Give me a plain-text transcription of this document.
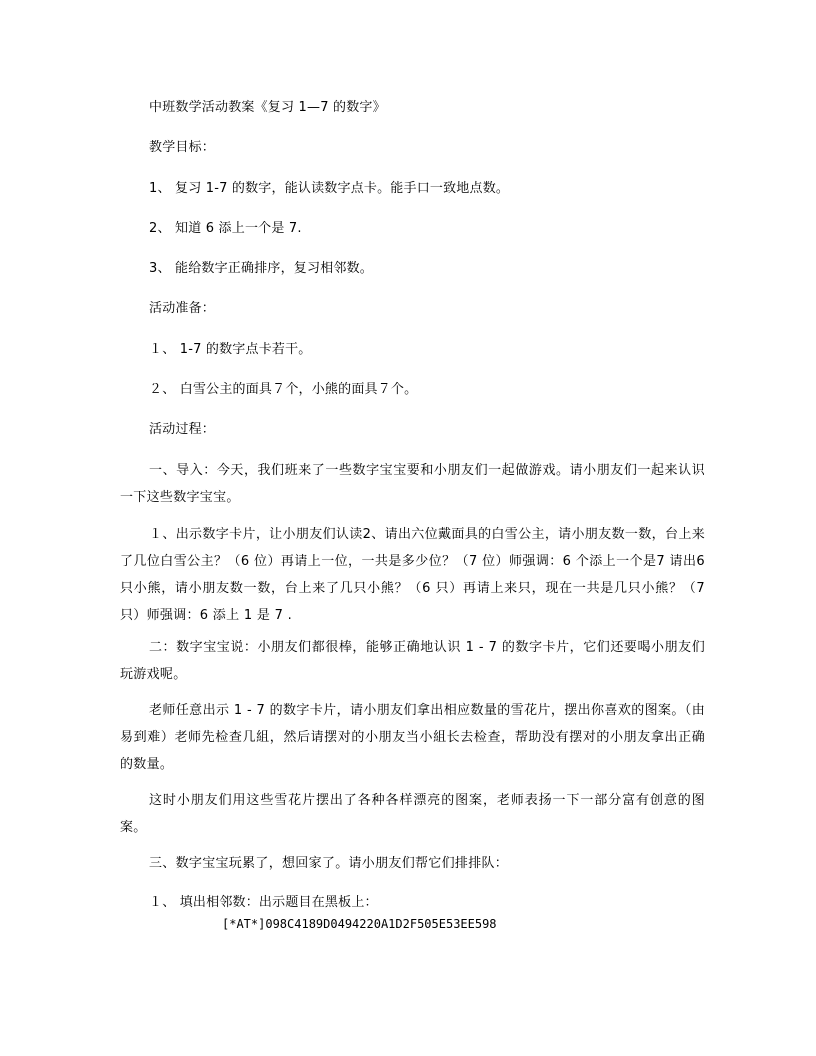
中班数学活动教案《复习 1—7 的数字》
教学目标：
1、 复习 1-7 的数字，能认读数字点卡。能手口一致地点数。
2、 知道 6 添上一个是 7.
3、 能给数字正确排序，复习相邻数。
活动准备：
１、 1-7 的数字点卡若干。
２、 白雪公主的面具７个，小熊的面具７个。
活动过程：
一、导入：今天，我们班来了一些数字宝宝要和小朋友们一起做游戏。请小朋友们一起来认识一下这些数字宝宝。
１、出示数字卡片，让小朋友们认读2、请出六位戴面具的白雪公主，请小朋友数一数，台上来了几位白雪公主？（6 位）再请上一位，一共是多少位？（7 位）师强调：6 个添上一个是7 请出6 只小熊，请小朋友数一数，台上来了几只小熊？（6 只）再请上来只，现在一共是几只小熊？（7 只）师强调：6 添上 1 是 7 .
二：数字宝宝说：小朋友们都很棒，能够正确地认识 1 - 7 的数字卡片，它们还要喝小朋友们玩游戏呢。
老师任意出示 1 - 7 的数字卡片，请小朋友们拿出相应数量的雪花片，摆出你喜欢的图案。（由易到难）老师先检查几組，然后请摆对的小朋友当小組长去检查，帮助没有摆对的小朋友拿出正确的数量。
这时小朋友们用这些雪花片摆出了各种各样漂亮的图案，老师表扬一下一部分富有创意的图案。
三、数字宝宝玩累了，想回家了。请小朋友们帮它们排排队：
１、 填出相邻数：出示题目在黑板上：
[*AT*]098C4189D0494220A1D2F505E53EE598
